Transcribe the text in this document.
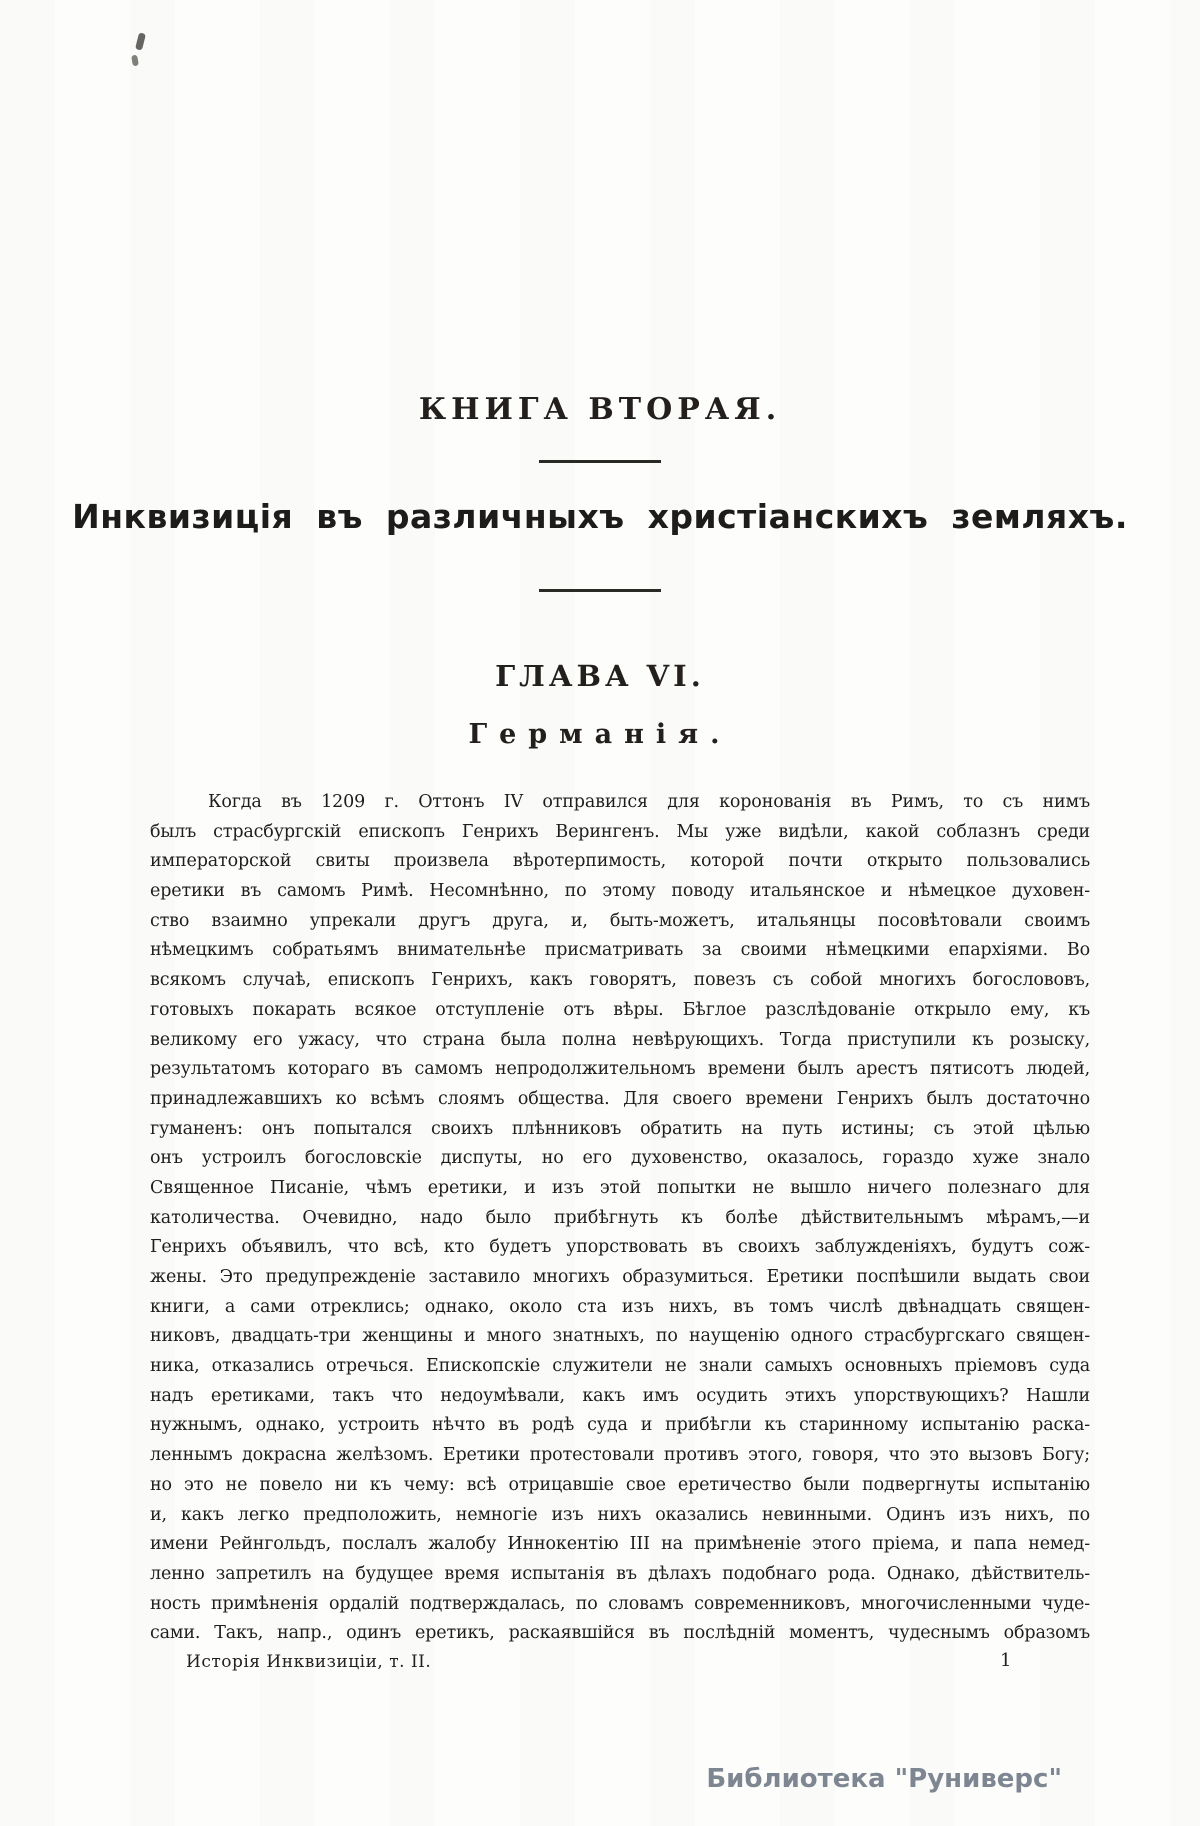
КНИГА ВТОРАЯ.
Инквизиція въ различныхъ христіанскихъ земляхъ.
ГЛАВА VI.
Германія.
Когда въ 1209 г. Оттонъ IV отправился для коронованія въ Римъ, то съ нимъ
былъ страсбургскій епископъ Генрихъ Верингенъ. Мы уже видѣли, какой соблазнъ среди
императорской свиты произвела вѣротерпимость, которой почти открыто пользовались
еретики въ самомъ Римѣ. Несомнѣнно, по этому поводу итальянское и нѣмецкое духовен-
ство взаимно упрекали другъ друга, и, быть-можетъ, итальянцы посовѣтовали своимъ
нѣмецкимъ собратьямъ внимательнѣе присматривать за своими нѣмецкими епархіями. Во
всякомъ случаѣ, епископъ Генрихъ, какъ говорятъ, повезъ съ собой многихъ богослововъ,
готовыхъ покарать всякое отступленіе отъ вѣры. Бѣглое разслѣдованіе открыло ему, къ
великому его ужасу, что страна была полна невѣрующихъ. Тогда приступили къ розыску,
результатомъ котораго въ самомъ непродолжительномъ времени былъ арестъ пятисотъ людей,
принадлежавшихъ ко всѣмъ слоямъ общества. Для своего времени Генрихъ былъ достаточно
гуманенъ: онъ попытался своихъ плѣнниковъ обратить на путь истины; съ этой цѣлью
онъ устроилъ богословскіе диспуты, но его духовенство, оказалось, гораздо хуже знало
Священное Писаніе, чѣмъ еретики, и изъ этой попытки не вышло ничего полезнаго для
католичества. Очевидно, надо было прибѣгнуть къ болѣе дѣйствительнымъ мѣрамъ,—и
Генрихъ объявилъ, что всѣ, кто будетъ упорствовать въ своихъ заблужденіяхъ, будутъ сож-
жены. Это предупрежденіе заставило многихъ образумиться. Еретики поспѣшили выдать свои
книги, а сами отреклись; однако, около ста изъ нихъ, въ томъ числѣ двѣнадцать священ-
никовъ, двадцать-три женщины и много знатныхъ, по наущенію одного страсбургскаго священ-
ника, отказались отречься. Епископскіе служители не знали самыхъ основныхъ пріемовъ суда
надъ еретиками, такъ что недоумѣвали, какъ имъ осудить этихъ упорствующихъ? Нашли
нужнымъ, однако, устроить нѣчто въ родѣ суда и прибѣгли къ старинному испытанію раска-
леннымъ докрасна желѣзомъ. Еретики протестовали противъ этого, говоря, что это вызовъ Богу;
но это не повело ни къ чему: всѣ отрицавшіе свое еретичество были подвергнуты испытанію
и, какъ легко предположить, немногіе изъ нихъ оказались невинными. Одинъ изъ нихъ, по
имени Рейнгольдъ, послалъ жалобу Иннокентію III на примѣненіе этого пріема, и папа немед-
ленно запретилъ на будущее время испытанія въ дѣлахъ подобнаго рода. Однако, дѣйствитель-
ность примѣненія ордалій подтверждалась, по словамъ современниковъ, многочисленными чуде-
сами. Такъ, напр., одинъ еретикъ, раскаявшійся въ послѣдній моментъ, чудеснымъ образомъ
Исторія Инквизиціи, т. II.	1
Библиотека "Руниверс"
